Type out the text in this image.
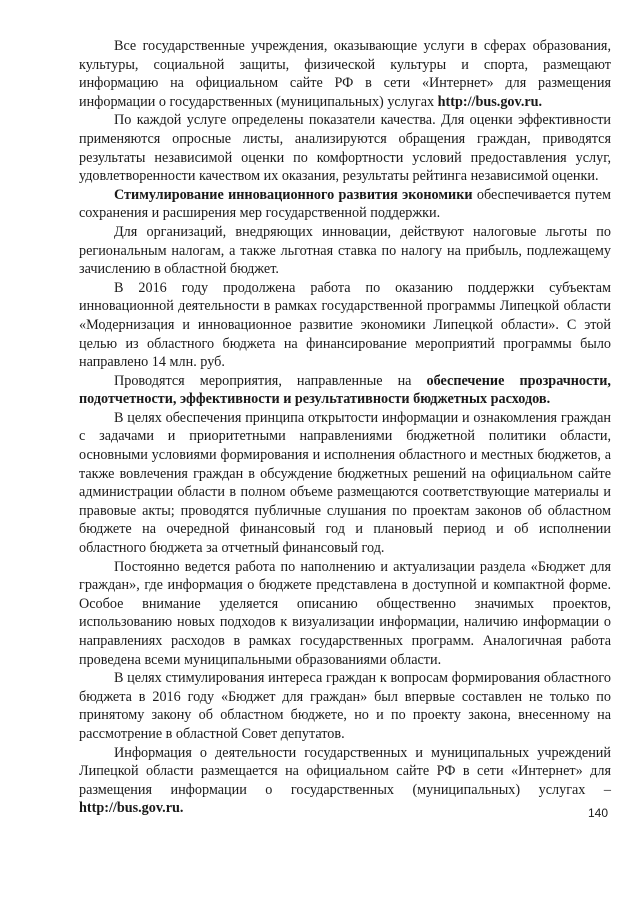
Все государственные учреждения, оказывающие услуги в сферах образования, культуры, социальной защиты, физической культуры и спорта, размещают информацию на официальном сайте РФ в сети «Интернет» для размещения информации о государственных (муниципальных) услугах http://bus.gov.ru.

По каждой услуге определены показатели качества. Для оценки эффективности применяются опросные листы, анализируются обращения граждан, приводятся результаты независимой оценки по комфортности условий предоставления услуг, удовлетворенности качеством их оказания, результаты рейтинга независимой оценки.

Стимулирование инновационного развития экономики обеспечивается путем сохранения и расширения мер государственной поддержки.

Для организаций, внедряющих инновации, действуют налоговые льготы по региональным налогам, а также льготная ставка по налогу на прибыль, подлежащему зачислению в областной бюджет.

В 2016 году продолжена работа по оказанию поддержки субъектам инновационной деятельности в рамках государственной программы Липецкой области «Модернизация и инновационное развитие экономики Липецкой области». С этой целью из областного бюджета на финансирование мероприятий программы было направлено 14 млн. руб.

Проводятся мероприятия, направленные на обеспечение прозрачности, подотчетности, эффективности и результативности бюджетных расходов.

В целях обеспечения принципа открытости информации и ознакомления граждан с задачами и приоритетными направлениями бюджетной политики области, основными условиями формирования и исполнения областного и местных бюджетов, а также вовлечения граждан в обсуждение бюджетных решений на официальном сайте администрации области в полном объеме размещаются соответствующие материалы и правовые акты; проводятся публичные слушания по проектам законов об областном бюджете на очередной финансовый год и плановый период и об исполнении областного бюджета за отчетный финансовый год.

Постоянно ведется работа по наполнению и актуализации раздела «Бюджет для граждан», где информация о бюджете представлена в доступной и компактной форме. Особое внимание уделяется описанию общественно значимых проектов, использованию новых подходов к визуализации информации, наличию информации о направлениях расходов в рамках государственных программ. Аналогичная работа проведена всеми муниципальными образованиями области.

В целях стимулирования интереса граждан к вопросам формирования областного бюджета в 2016 году «Бюджет для граждан» был впервые составлен не только по принятому закону об областном бюджете, но и по проекту закона, внесенному на рассмотрение в областной Совет депутатов.

Информация о деятельности государственных и муниципальных учреждений Липецкой области размещается на официальном сайте РФ в сети «Интернет» для размещения информации о государственных (муниципальных) услугах – http://bus.gov.ru.	140
